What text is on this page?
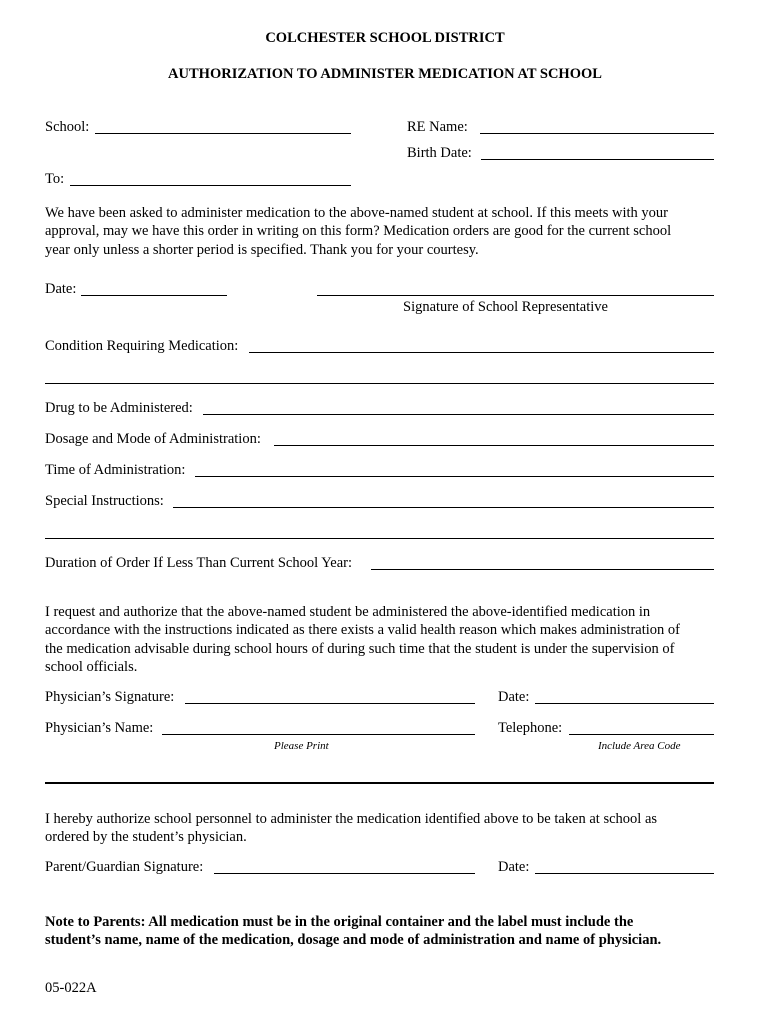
COLCHESTER SCHOOL DISTRICT
AUTHORIZATION TO ADMINISTER MEDICATION AT SCHOOL
School:	RE Name:
Birth Date:
To:
We have been asked to administer medication to the above-named student at school. If this meets with your
approval, may we have this order in writing on this form? Medication orders are good for the current school
year only unless a shorter period is specified. Thank you for your courtesy.
Date:
Signature of School Representative
Condition Requiring Medication:
Drug to be Administered:
Dosage and Mode of Administration:
Time of Administration:
Special Instructions:
Duration of Order If Less Than Current School Year:
I request and authorize that the above-named student be administered the above-identified medication in
accordance with the instructions indicated as there exists a valid health reason which makes administration of
the medication advisable during school hours of during such time that the student is under the supervision of
school officials.
Physician’s Signature:	Date:
Physician’s Name:	Telephone:
Please Print	Include Area Code
I hereby authorize school personnel to administer the medication identified above to be taken at school as
ordered by the student’s physician.
Parent/Guardian Signature:	Date:
Note to Parents: All medication must be in the original container and the label must include the
student’s name, name of the medication, dosage and mode of administration and name of physician.
05-022A
